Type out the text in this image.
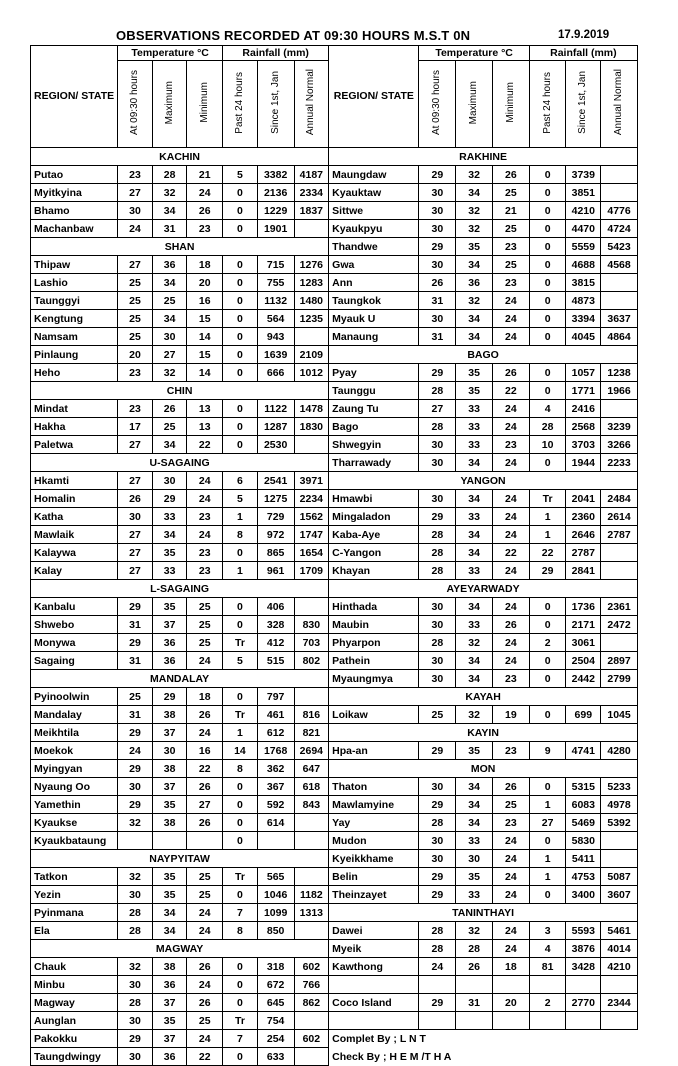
OBSERVATIONS RECORDED AT 09:30 HOURS M.S.T 0N	17.9.2019
REGION/ STATE	Temperature °C			Rainfall (mm)			REGION/ STATE	Temperature °C			Rainfall (mm)		
	At 09:30 hours	Maximum	Minimum	Past 24 hours	Since 1st, Jan	Annual Normal		At 09:30 hours	Maximum	Minimum	Past 24 hours	Since 1st, Jan	Annual Normal
KACHIN							RAKHINE						
Putao	23	28	21	5	3382	4187	Maungdaw	29	32	26	0	3739	
Myitkyina	27	32	24	0	2136	2334	Kyauktaw	30	34	25	0	3851	
Bhamo	30	34	26	0	1229	1837	Sittwe	30	32	21	0	4210	4776
Machanbaw	24	31	23	0	1901		Kyaukpyu	30	32	25	0	4470	4724
SHAN							Thandwe	29	35	23	0	5559	5423
Thipaw	27	36	18	0	715	1276	Gwa	30	34	25	0	4688	4568
Lashio	25	34	20	0	755	1283	Ann	26	36	23	0	3815	
Taunggyi	25	25	16	0	1132	1480	Taungkok	31	32	24	0	4873	
Kengtung	25	34	15	0	564	1235	Myauk U	30	34	24	0	3394	3637
Namsam	25	30	14	0	943		Manaung	31	34	24	0	4045	4864
Pinlaung	20	27	15	0	1639	2109	BAGO						
Heho	23	32	14	0	666	1012	Pyay	29	35	26	0	1057	1238
CHIN							Taunggu	28	35	22	0	1771	1966
Mindat	23	26	13	0	1122	1478	Zaung Tu	27	33	24	4	2416	
Hakha	17	25	13	0	1287	1830	Bago	28	33	24	28	2568	3239
Paletwa	27	34	22	0	2530		Shwegyin	30	33	23	10	3703	3266
U-SAGAING							Tharrawady	30	34	24	0	1944	2233
Hkamti	27	30	24	6	2541	3971	YANGON						
Homalin	26	29	24	5	1275	2234	Hmawbi	30	34	24	Tr	2041	2484
Katha	30	33	23	1	729	1562	Mingaladon	29	33	24	1	2360	2614
Mawlaik	27	34	24	8	972	1747	Kaba-Aye	28	34	24	1	2646	2787
Kalaywa	27	35	23	0	865	1654	C-Yangon	28	34	22	22	2787	
Kalay	27	33	23	1	961	1709	Khayan	28	33	24	29	2841	
L-SAGAING							AYEYARWADY						
Kanbalu	29	35	25	0	406		Hinthada	30	34	24	0	1736	2361
Shwebo	31	37	25	0	328	830	Maubin	30	33	26	0	2171	2472
Monywa	29	36	25	Tr	412	703	Phyarpon	28	32	24	2	3061	
Sagaing	31	36	24	5	515	802	Pathein	30	34	24	0	2504	2897
MANDALAY							Myaungmya	30	34	23	0	2442	2799
Pyinoolwin	25	29	18	0	797		KAYAH						
Mandalay	31	38	26	Tr	461	816	Loikaw	25	32	19	0	699	1045
Meikhtila	29	37	24	1	612	821	KAYIN						
Moekok	24	30	16	14	1768	2694	Hpa-an	29	35	23	9	4741	4280
Myingyan	29	38	22	8	362	647	MON						
Nyaung Oo	30	37	26	0	367	618	Thaton	30	34	26	0	5315	5233
Yamethin	29	35	27	0	592	843	Mawlamyine	29	34	25	1	6083	4978
Kyaukse	32	38	26	0	614		Yay	28	34	23	27	5469	5392
Kyaukbataung				0			Mudon	30	33	24	0	5830	
NAYPYITAW							Kyeikkhame	30	30	24	1	5411	
Tatkon	32	35	25	Tr	565		Belin	29	35	24	1	4753	5087
Yezin	30	35	25	0	1046	1182	Theinzayet	29	33	24	0	3400	3607
Pyinmana	28	34	24	7	1099	1313	TANINTHAYI						
Ela	28	34	24	8	850		Dawei	28	32	24	3	5593	5461
MAGWAY							Myeik	28	28	24	4	3876	4014
Chauk	32	38	26	0	318	602	Kawthong	24	26	18	81	3428	4210
Minbu	30	36	24	0	672	766							
Magway	28	37	26	0	645	862	Coco Island	29	31	20	2	2770	2344
Aunglan	30	35	25	Tr	754								
Pakokku	29	37	24	7	254	602	Complet By ; L N T						
Taungdwingy	30	36	22	0	633		Check By ; H E M /T H A						
